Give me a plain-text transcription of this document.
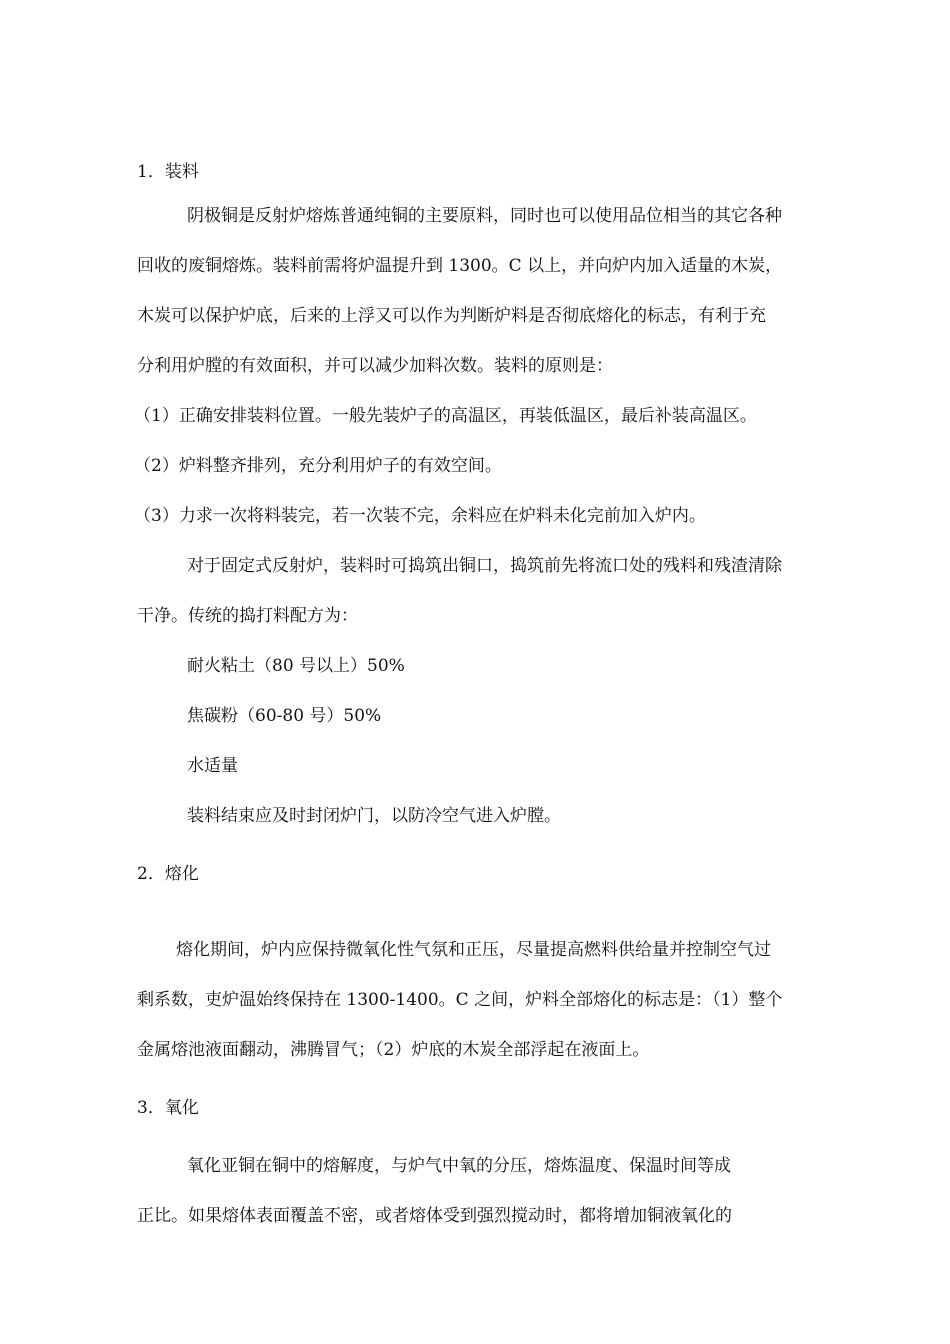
1．装料
阴极铜是反射炉熔炼普通纯铜的主要原料，同时也可以使用品位相当的其它各种
回收的废铜熔炼。装料前需将炉温提升到 1300。C 以上，并向炉内加入适量的木炭，
木炭可以保护炉底，后来的上浮又可以作为判断炉料是否彻底熔化的标志，有利于充
分利用炉膛的有效面积，并可以减少加料次数。装料的原则是：
（1）正确安排装料位置。一般先装炉子的高温区，再装低温区，最后补装高温区。
（2）炉料整齐排列，充分利用炉子的有效空间。
（3）力求一次将料装完，若一次装不完，余料应在炉料未化完前加入炉内。
对于固定式反射炉，装料时可捣筑出铜口，捣筑前先将流口处的残料和残渣清除
干净。传统的捣打料配方为：
耐火粘土（80 号以上）50%
焦碳粉（60-80 号）50%
水适量
装料结束应及时封闭炉门，以防冷空气进入炉膛。
2．熔化
熔化期间，炉内应保持微氧化性气氛和正压，尽量提高燃料供给量并控制空气过
剩系数，吏炉温始终保持在 1300-1400。C 之间，炉料全部熔化的标志是：（1）整个
金属熔池液面翻动，沸腾冒气；（2）炉底的木炭全部浮起在液面上。
3．氧化
氧化亚铜在铜中的熔解度，与炉气中氧的分压，熔炼温度、保温时间等成
正比。如果熔体表面覆盖不密，或者熔体受到强烈搅动时，都将增加铜液氧化的
